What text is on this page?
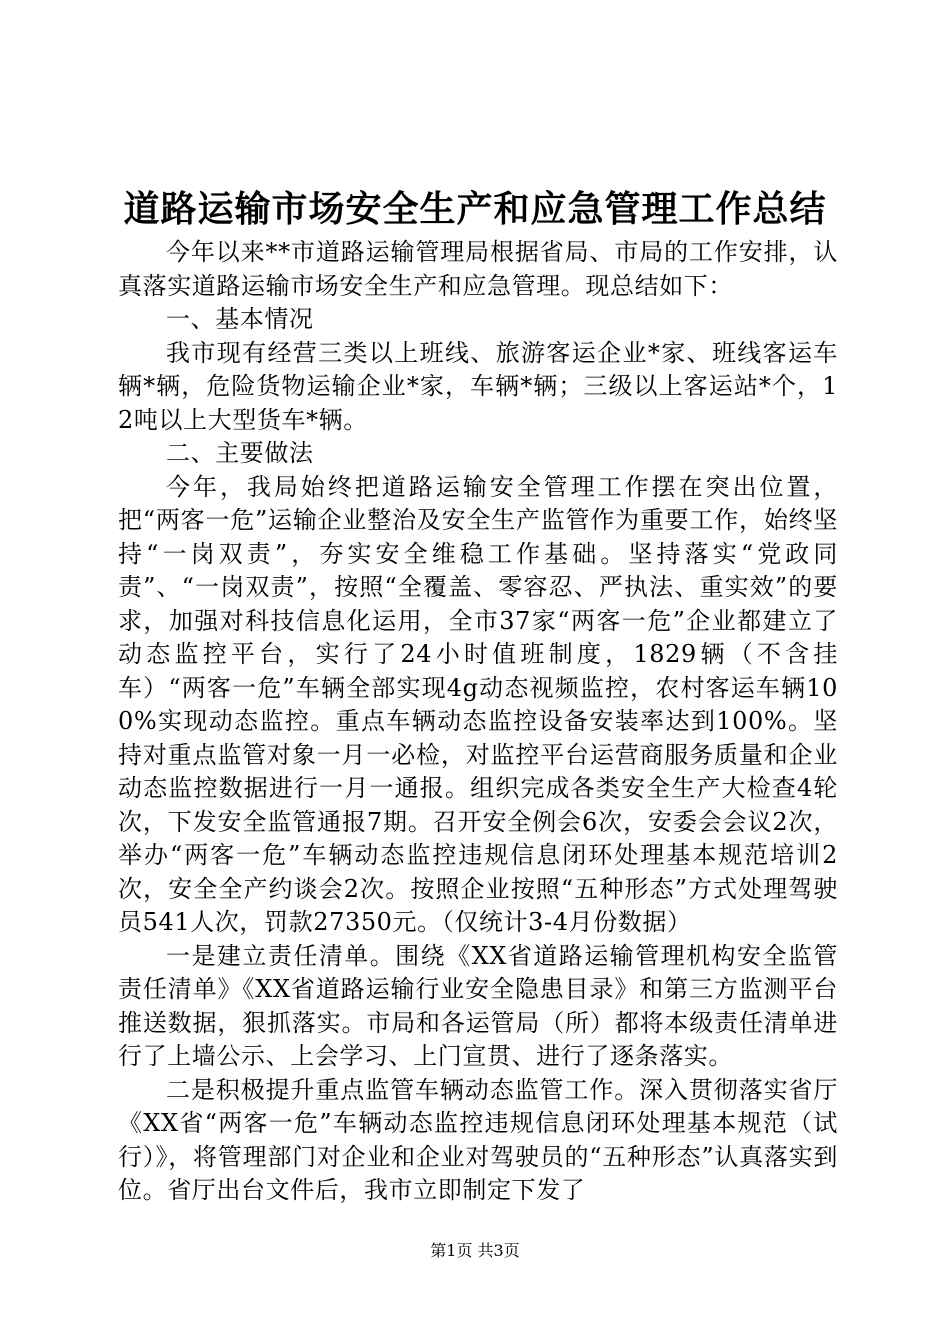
道路运输市场安全生产和应急管理工作总结

今年以来**市道路运输管理局根据省局、市局的工作安排，认真落实道路运输市场安全生产和应急管理。现总结如下：

一、基本情况

我市现有经营三类以上班线、旅游客运企业*家、班线客运车辆*辆，危险货物运输企业*家，车辆*辆；三级以上客运站*个，12吨以上大型货车*辆。

二、主要做法

今年，我局始终把道路运输安全管理工作摆在突出位置，把“两客一危”运输企业整治及安全生产监管作为重要工作，始终坚持“一岗双责”，夯实安全维稳工作基础。坚持落实“党政同责”、“一岗双责”，按照“全覆盖、零容忍、严执法、重实效”的要求，加强对科技信息化运用，全市37家“两客一危”企业都建立了动态监控平台，实行了24小时值班制度，1829辆（不含挂车）“两客一危”车辆全部实现4g动态视频监控，农村客运车辆100%实现动态监控。重点车辆动态监控设备安装率达到100%。坚持对重点监管对象一月一必检，对监控平台运营商服务质量和企业动态监控数据进行一月一通报。组织完成各类安全生产大检查4轮次，下发安全监管通报7期。召开安全例会6次，安委会会议2次，举办“两客一危”车辆动态监控违规信息闭环处理基本规范培训2次，安全全产约谈会2次。按照企业按照“五种形态”方式处理驾驶员541人次，罚款27350元。（仅统计3-4月份数据）

一是建立责任清单。围绕《XX省道路运输管理机构安全监管责任清单》《XX省道路运输行业安全隐患目录》和第三方监测平台推送数据，狠抓落实。市局和各运管局（所）都将本级责任清单进行了上墙公示、上会学习、上门宣贯、进行了逐条落实。

二是积极提升重点监管车辆动态监管工作。深入贯彻落实省厅《XX省“两客一危”车辆动态监控违规信息闭环处理基本规范（试行）》，将管理部门对企业和企业对驾驶员的“五种形态”认真落实到位。省厅出台文件后，我市立即制定下发了

第1页 共3页
